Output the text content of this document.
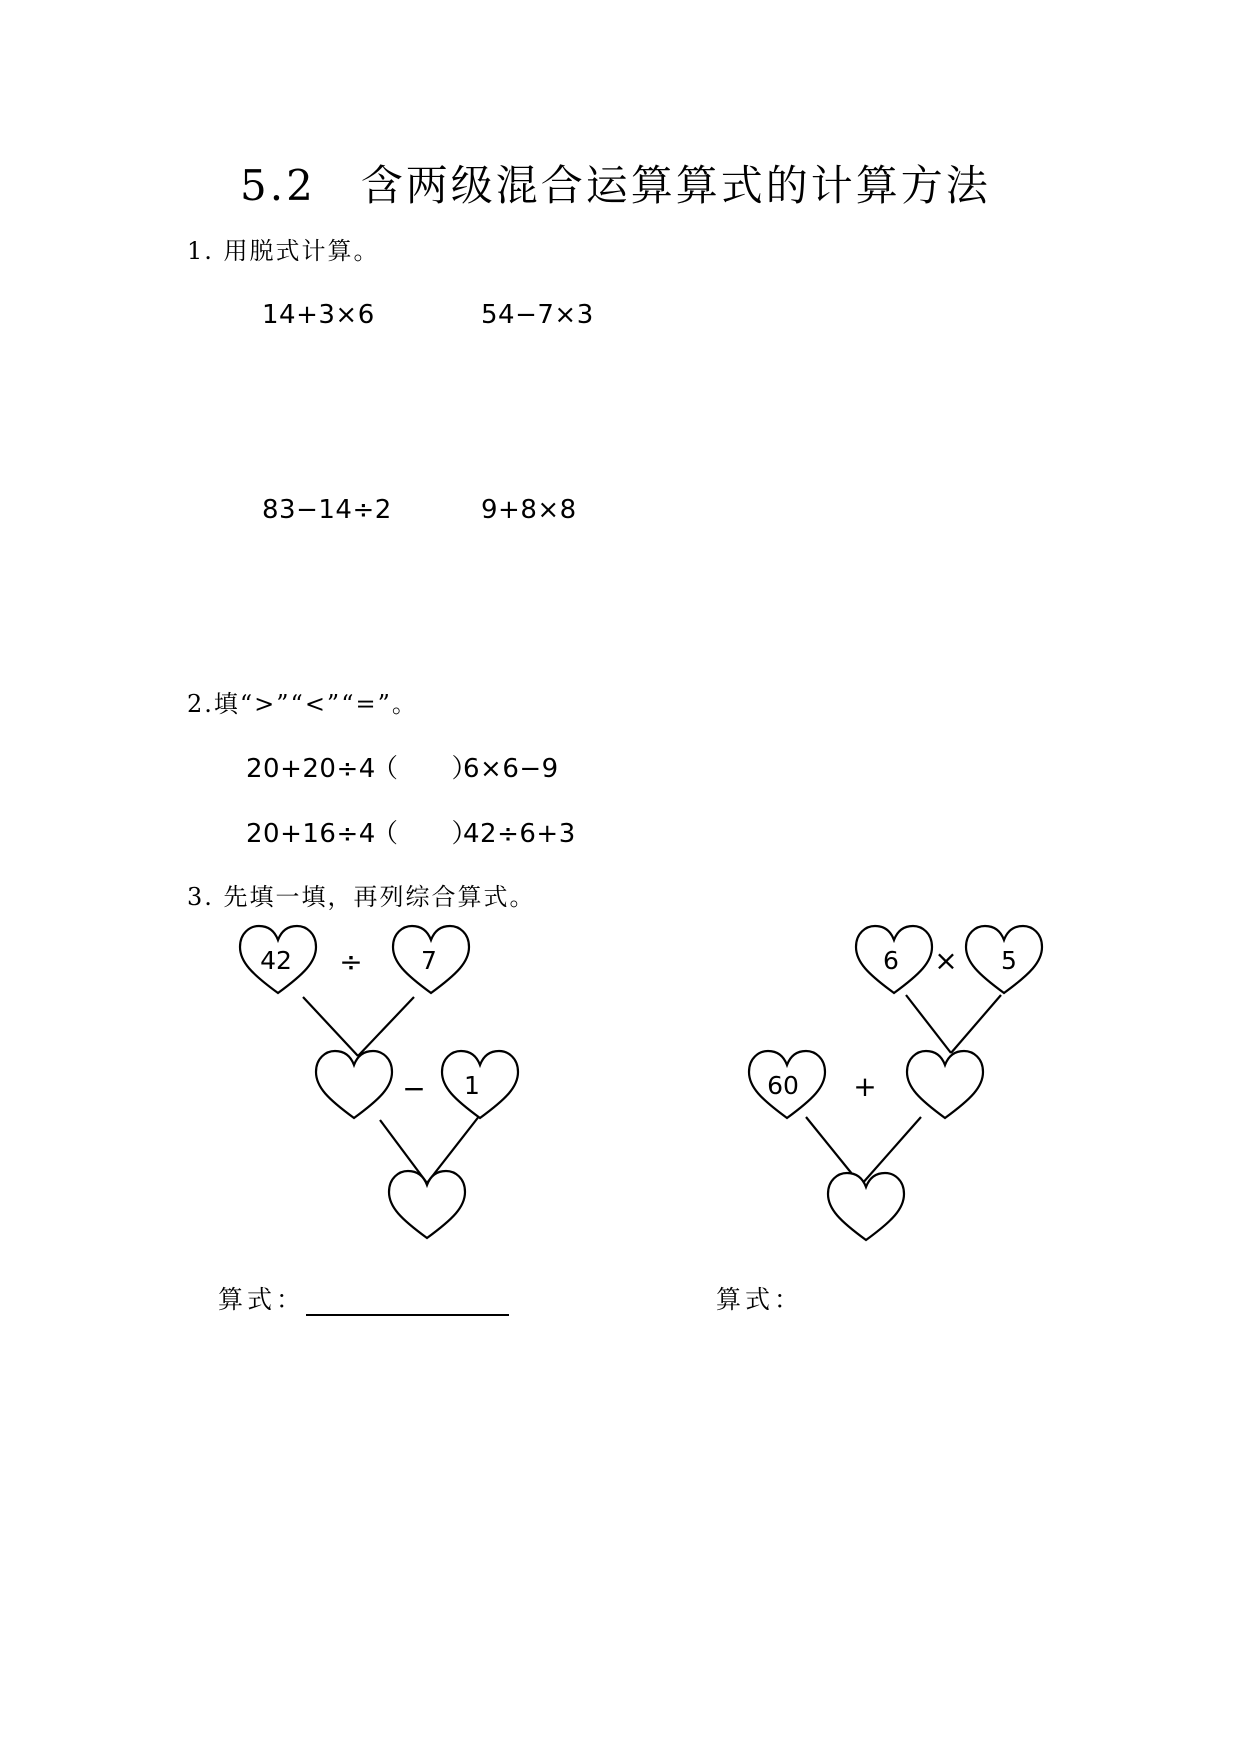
5.2　含两级混合运算算式的计算方法
1. 用脱式计算。
14+3×6	54−7×3
83−14÷2	9+8×8
2.填“>”“<”“=”。
20+20÷4
（　　）
6×6−9
20+16÷4
（　　）
42÷6+3
3. 先填一填，再列综合算式。
42 ÷ 7
− 1
6 × 5
60 +
算式：	算式：
